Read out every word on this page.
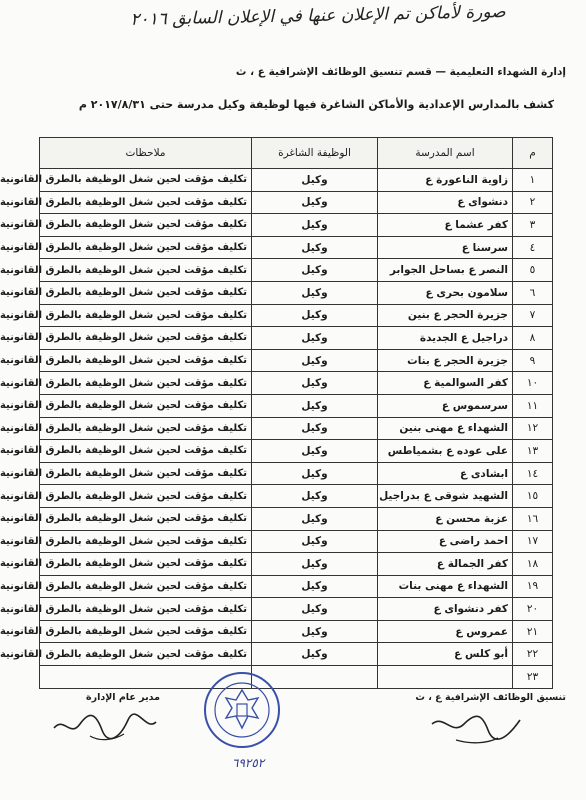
صورة لأماكن تم الإعلان عنها في الإعلان السابق ٢٠١٦
إدارة الشهداء التعليمية — قسم تنسيق الوظائف الإشرافية ع ، ث
كشف بالمدارس الإعدادية والأماكن الشاغرة فيها لوظيفة وكيل مدرسة حتى ٢٠١٧/٨/٣١ م
م	اسم المدرسة	الوظيفة الشاغرة	ملاحظات
١	زاوية الناعورة ع	وكيل	تكليف مؤقت لحين شغل الوظيفة بالطرق القانونية
٢	دنشواى ع	وكيل	تكليف مؤقت لحين شغل الوظيفة بالطرق القانونية
٣	كفر عشما ع	وكيل	تكليف مؤقت لحين شغل الوظيفة بالطرق القانونية
٤	سرسنا ع	وكيل	تكليف مؤقت لحين شغل الوظيفة بالطرق القانونية
٥	النصر ع بساحل الجوابر	وكيل	تكليف مؤقت لحين شغل الوظيفة بالطرق القانونية
٦	سلامون بحرى ع	وكيل	تكليف مؤقت لحين شغل الوظيفة بالطرق القانونية
٧	جزيرة الحجر ع بنين	وكيل	تكليف مؤقت لحين شغل الوظيفة بالطرق القانونية
٨	دراجيل ع الجديدة	وكيل	تكليف مؤقت لحين شغل الوظيفة بالطرق القانونية
٩	جزيرة الحجر ع بنات	وكيل	تكليف مؤقت لحين شغل الوظيفة بالطرق القانونية
١٠	كفر السوالمية ع	وكيل	تكليف مؤقت لحين شغل الوظيفة بالطرق القانونية
١١	سرسموس ع	وكيل	تكليف مؤقت لحين شغل الوظيفة بالطرق القانونية
١٢	الشهداء ع مهنى بنين	وكيل	تكليف مؤقت لحين شغل الوظيفة بالطرق القانونية
١٣	على عوده ع بشمياطس	وكيل	تكليف مؤقت لحين شغل الوظيفة بالطرق القانونية
١٤	ابشادى ع	وكيل	تكليف مؤقت لحين شغل الوظيفة بالطرق القانونية
١٥	الشهيد شوقى ع بدراجيل	وكيل	تكليف مؤقت لحين شغل الوظيفة بالطرق القانونية
١٦	عزبة محسن ع	وكيل	تكليف مؤقت لحين شغل الوظيفة بالطرق القانونية
١٧	احمد راضى ع	وكيل	تكليف مؤقت لحين شغل الوظيفة بالطرق القانونية
١٨	كفر الجمالة ع	وكيل	تكليف مؤقت لحين شغل الوظيفة بالطرق القانونية
١٩	الشهداء ع مهنى بنات	وكيل	تكليف مؤقت لحين شغل الوظيفة بالطرق القانونية
٢٠	كفر دنشواى ع	وكيل	تكليف مؤقت لحين شغل الوظيفة بالطرق القانونية
٢١	عمروس ع	وكيل	تكليف مؤقت لحين شغل الوظيفة بالطرق القانونية
٢٢	أبو كلس ع	وكيل	تكليف مؤقت لحين شغل الوظيفة بالطرق القانونية
٢٣			
مدير عام الإدارة	تنسيق الوظائف الإشرافية ع ، ث
٦٩٢٥٢
